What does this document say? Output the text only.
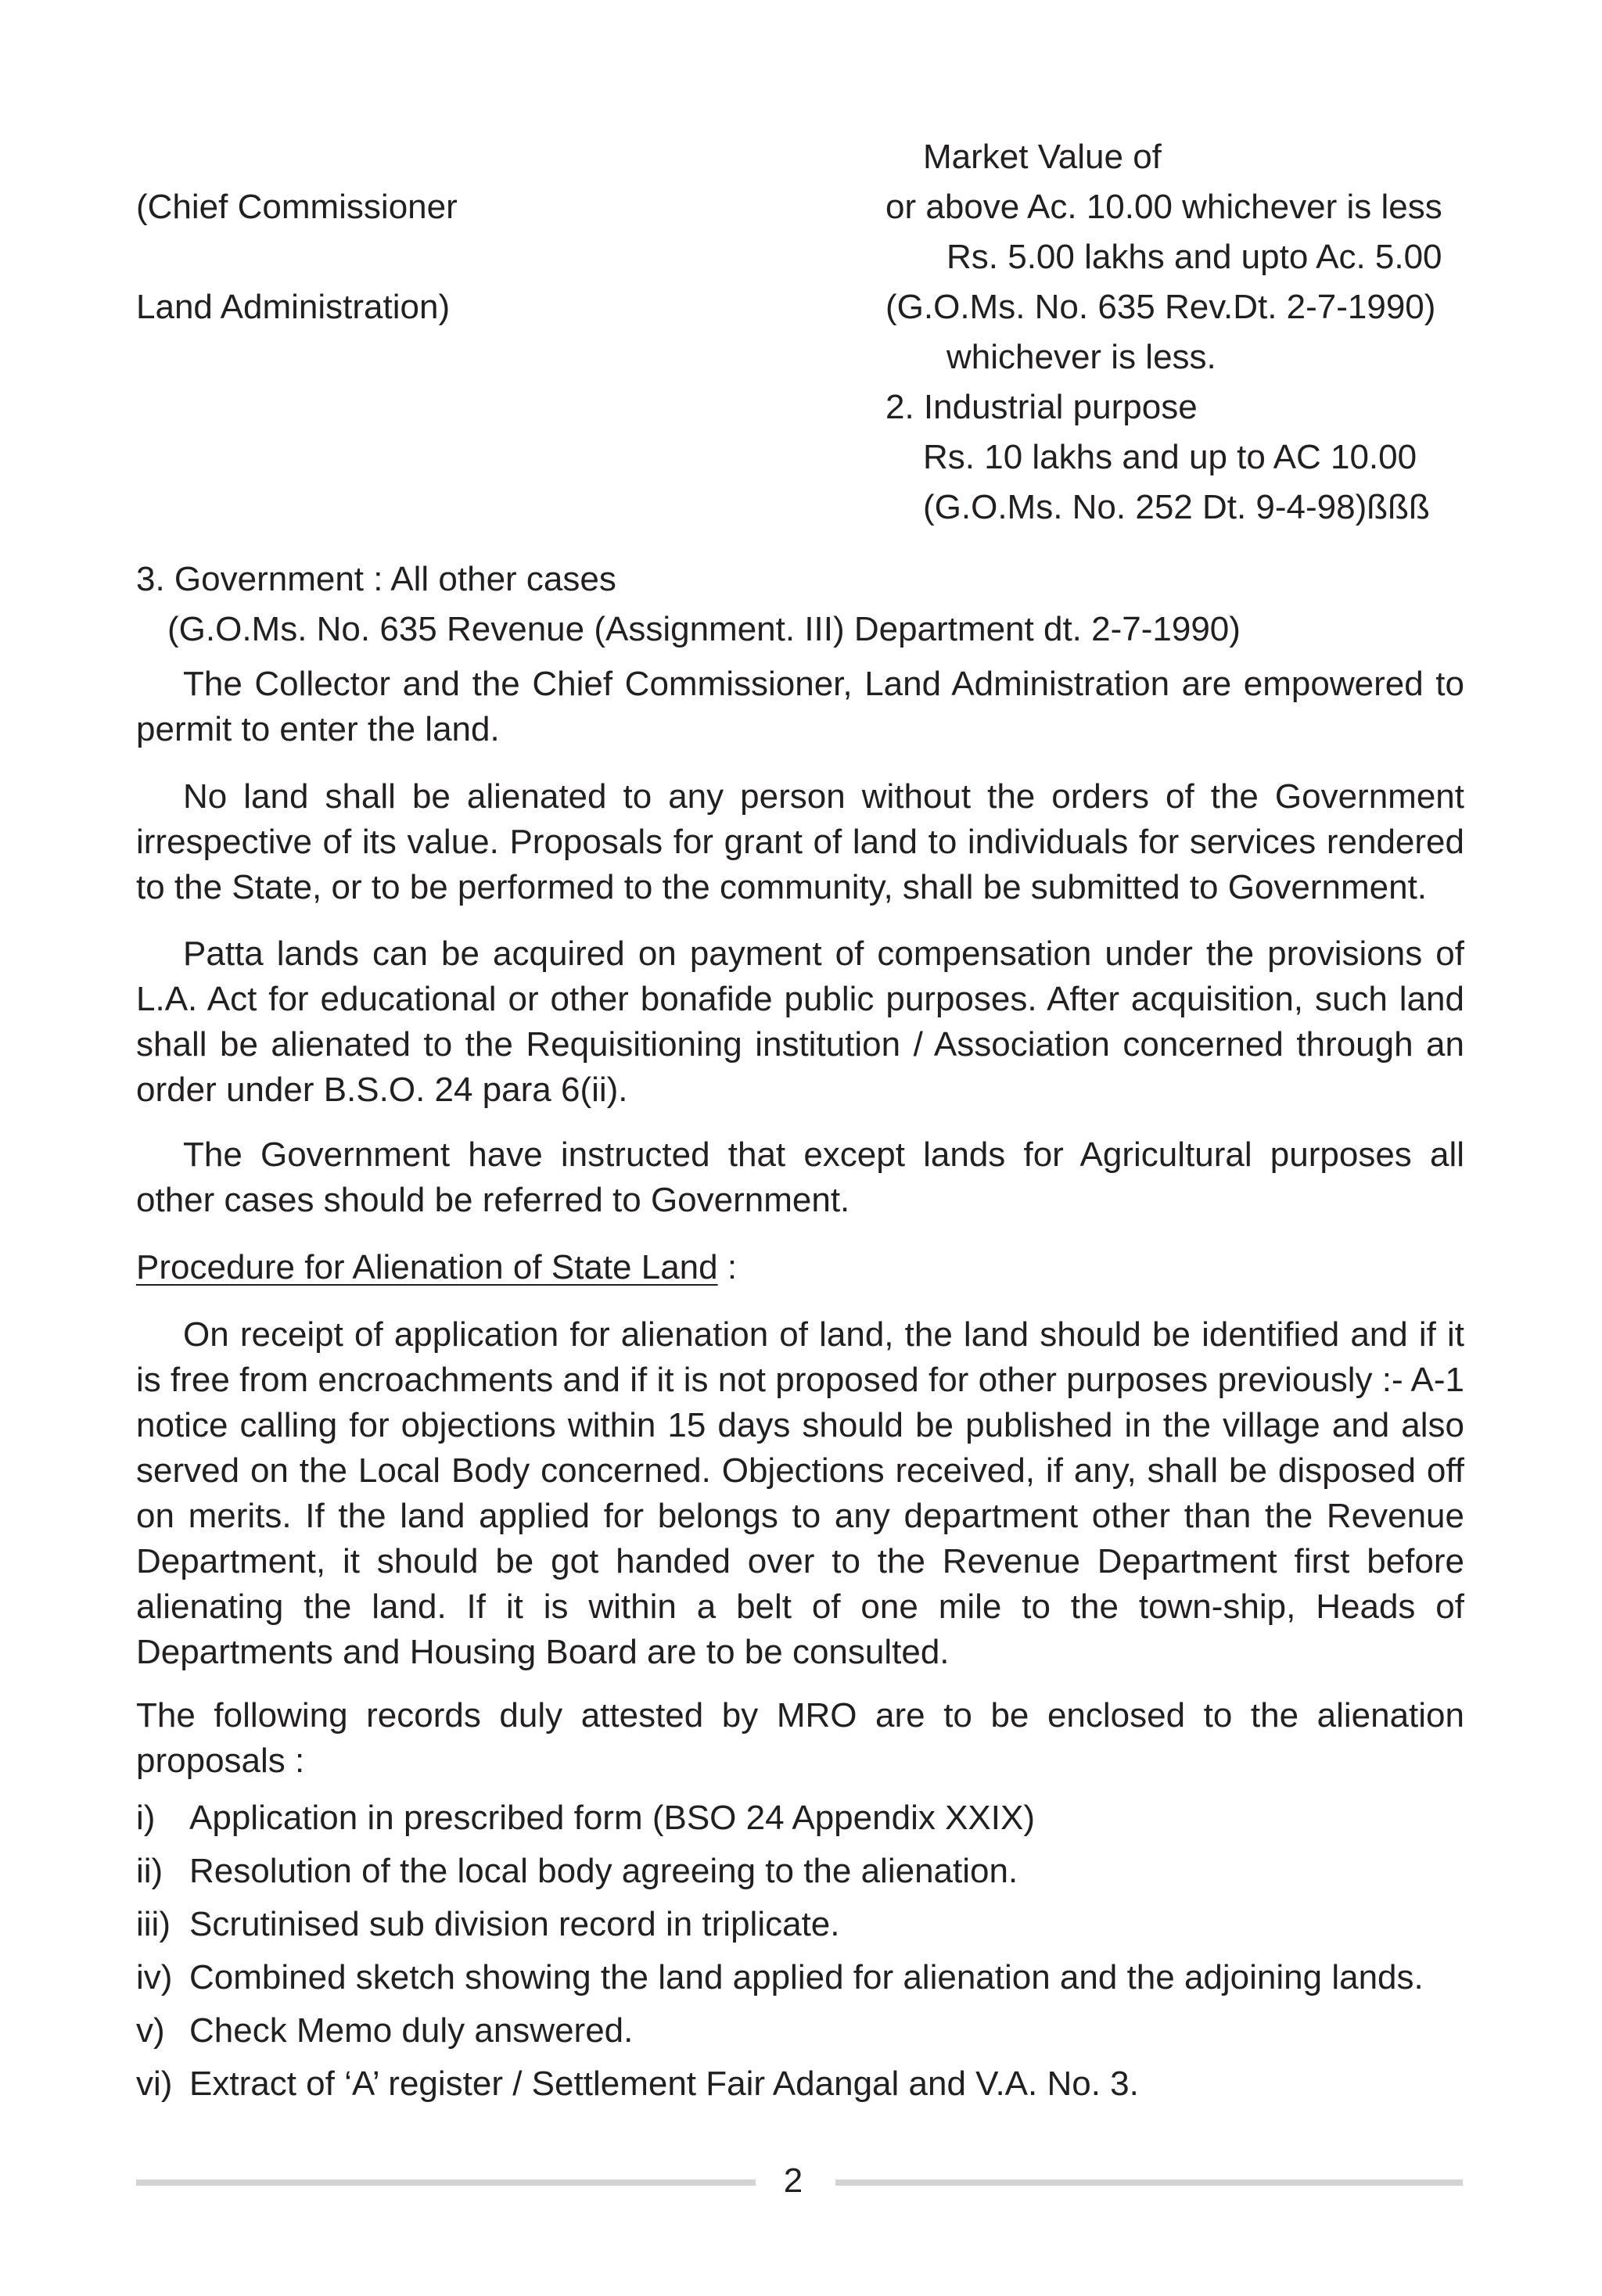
(Chief Commissioner
Land Administration)
Market Value of
or above Ac. 10.00 whichever is less
Rs. 5.00 lakhs and upto Ac. 5.00
(G.O.Ms. No. 635 Rev.Dt. 2-7-1990)
whichever is less.
2. Industrial purpose
Rs. 10 lakhs and up to AC 10.00
(G.O.Ms. No. 252 Dt. 9-4-98)ßßß
3. Government : All other cases
(G.O.Ms. No. 635 Revenue (Assignment. III) Department dt. 2-7-1990)
The Collector and the Chief Commissioner, Land Administration are empowered to permit to enter the land.
No land shall be alienated to any person without the orders of the Government irrespective of its value. Proposals for grant of land to individuals for services rendered to the State, or to be performed to the community, shall be submitted to Government.
Patta lands can be acquired on payment of compensation under the provisions of L.A. Act for educational or other bonafide public purposes. After acquisition, such land shall be alienated to the Requisitioning institution / Association concerned through an order under B.S.O. 24 para 6(ii).
The Government have instructed that except lands for Agricultural purposes all other cases should be referred to Government.
Procedure for Alienation of State Land :
On receipt of application for alienation of land, the land should be identified and if it is free from encroachments and if it is not proposed for other purposes previously :- A-1 notice calling for objections within 15 days should be published in the village and also served on the Local Body concerned. Objections received, if any, shall be disposed off on merits. If the land applied for belongs to any department other than the Revenue Department, it should be got handed over to the Revenue Department first before alienating the land. If it is within a belt of one mile to the town-ship, Heads of Departments and Housing Board are to be consulted.
The following records duly attested by MRO are to be enclosed to the alienation proposals :
i) Application in prescribed form (BSO 24 Appendix XXIX)
ii) Resolution of the local body agreeing to the alienation.
iii) Scrutinised sub division record in triplicate.
iv) Combined sketch showing the land applied for alienation and the adjoining lands.
v) Check Memo duly answered.
vi) Extract of ‘A’ register / Settlement Fair Adangal and V.A. No. 3.
2
